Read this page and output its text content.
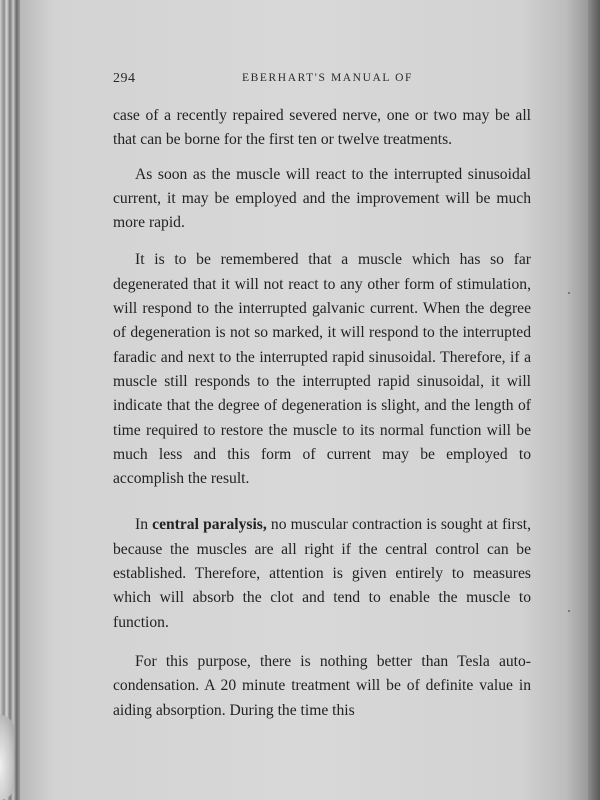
294	EBERHART'S MANUAL OF

case of a recently repaired severed nerve, one or two may be all that can be borne for the first ten or twelve treatments.

As soon as the muscle will react to the interrupted sinusoidal current, it may be employed and the improvement will be much more rapid.

It is to be remembered that a muscle which has so far degenerated that it will not react to any other form of stimulation, will respond to the interrupted galvanic current. When the degree of degeneration is not so marked, it will respond to the interrupted faradic and next to the interrupted rapid sinusoidal. Therefore, if a muscle still responds to the interrupted rapid sinusoidal, it will indicate that the degree of degeneration is slight, and the length of time required to restore the muscle to its normal function will be much less and this form of current may be employed to accomplish the result.

In central paralysis, no muscular contraction is sought at first, because the muscles are all right if the central control can be established. Therefore, attention is given entirely to measures which will absorb the clot and tend to enable the muscle to function.

For this purpose, there is nothing better than Tesla auto-condensation. A 20 minute treatment will be of definite value in aiding absorption. During the time this
